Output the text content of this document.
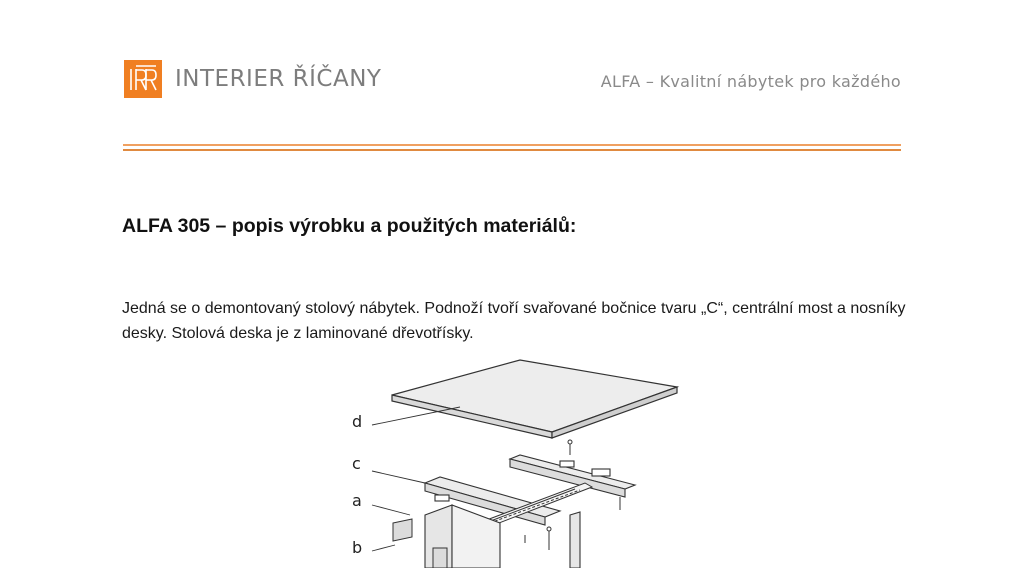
INTERIER ŘÍČANY	ALFA – Kvalitní nábytek pro každého
ALFA 305 – popis výrobku a použitých materiálů:
Jedná se o demontovaný stolový nábytek. Podnoží tvoří svařované bočnice tvaru „C“, centrální most a nosníky desky. Stolová deska je z laminované dřevotřísky.
d
c
a
b
